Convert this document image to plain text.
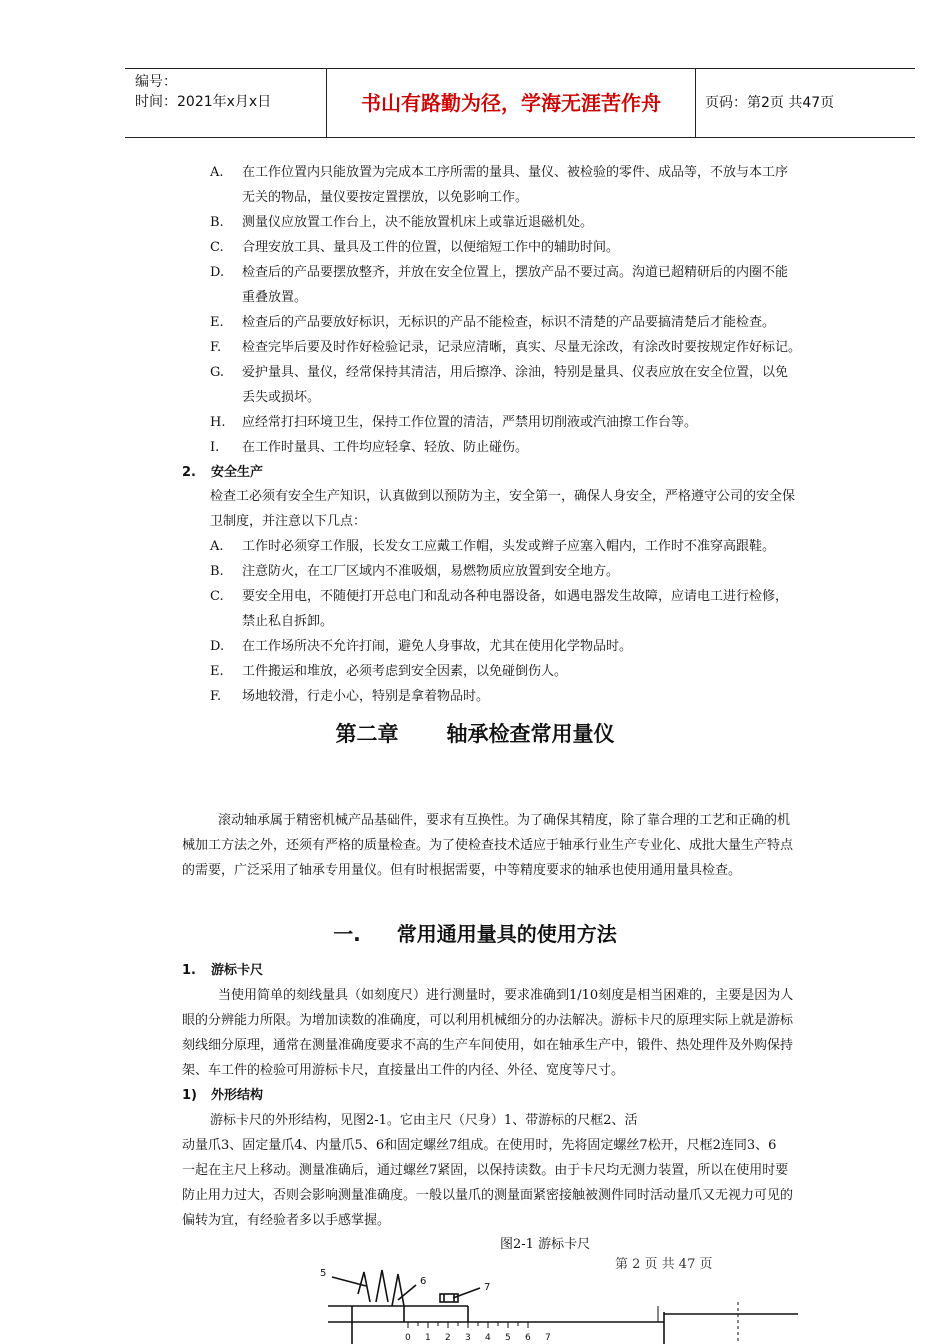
编号：
时间：2021年x月x日	书山有路勤为径，学海无涯苦作舟	页码：第2页 共47页
A.	在工作位置内只能放置为完成本工序所需的量具、量仪、被检验的零件、成品等，不放与本工序
无关的物品，量仪要按定置摆放，以免影响工作。
B.	测量仪应放置工作台上，决不能放置机床上或靠近退磁机处。
C.	合理安放工具、量具及工件的位置，以便缩短工作中的辅助时间。
D.	检查后的产品要摆放整齐，并放在安全位置上，摆放产品不要过高。沟道已超精研后的内圈不能
重叠放置。
E.	检查后的产品要放好标识，无标识的产品不能检查，标识不清楚的产品要搞清楚后才能检查。
F.	检查完毕后要及时作好检验记录，记录应清晰，真实、尽量无涂改，有涂改时要按规定作好标记。
G.	爱护量具、量仪，经常保持其清洁，用后擦净、涂油，特别是量具、仪表应放在安全位置，以免
丢失或损坏。
H.	应经常打扫环境卫生，保持工作位置的清洁，严禁用切削液或汽油擦工作台等。
I.	在工作时量具、工件均应轻拿、轻放、防止碰伤。
2. 安全生产
检查工必须有安全生产知识，认真做到以预防为主，安全第一，确保人身安全，严格遵守公司的安全保
卫制度，并注意以下几点：
A.	工作时必须穿工作服，长发女工应戴工作帽，头发或辫子应塞入帽内，工作时不准穿高跟鞋。
B.	注意防火，在工厂区域内不准吸烟，易燃物质应放置到安全地方。
C.	要安全用电，不随便打开总电门和乱动各种电器设备，如遇电器发生故障，应请电工进行检修，
禁止私自拆卸。
D.	在工作场所决不允许打闹，避免人身事故，尤其在使用化学物品时。
E.	工件搬运和堆放，必须考虑到安全因素，以免碰倒伤人。
F.	场地较滑，行走小心，特别是拿着物品时。
第二章 轴承检查常用量仪
滚动轴承属于精密机械产品基础件，要求有互换性。为了确保其精度，除了靠合理的工艺和正确的机
械加工方法之外，还须有严格的质量检查。为了使检查技术适应于轴承行业生产专业化、成批大量生产特点
的需要，广泛采用了轴承专用量仪。但有时根据需要，中等精度要求的轴承也使用通用量具检查。
一. 常用通用量具的使用方法
1. 游标卡尺
当使用简单的刻线量具（如刻度尺）进行测量时，要求准确到1/10刻度是相当困难的，主要是因为人
眼的分辨能力所限。为增加读数的准确度，可以利用机械细分的办法解决。游标卡尺的原理实际上就是游标
刻线细分原理，通常在测量准确度要求不高的生产车间使用，如在轴承生产中，锻件、热处理件及外购保持
架、车工件的检验可用游标卡尺，直接量出工件的内径、外径、宽度等尺寸。
1) 外形结构
游标卡尺的外形结构，见图2-1。它由主尺（尺身）1、带游标的尺框2、活
动量爪3、固定量爪4、内量爪5、6和固定螺丝7组成。在使用时，先将固定螺丝7松开，尺框2连同3、6
一起在主尺上移动。测量准确后，通过螺丝7紧固，以保持读数。由于卡尺均无测力装置，所以在使用时要
防止用力过大，否则会影响测量准确度。一般以量爪的测量面紧密接触被测件同时活动量爪又无视力可见的
偏转为宜，有经验者多以手感掌握。
图2-1 游标卡尺
第 2 页 共 47 页
5
6
7
0 1 2 3 4 5 6 7
